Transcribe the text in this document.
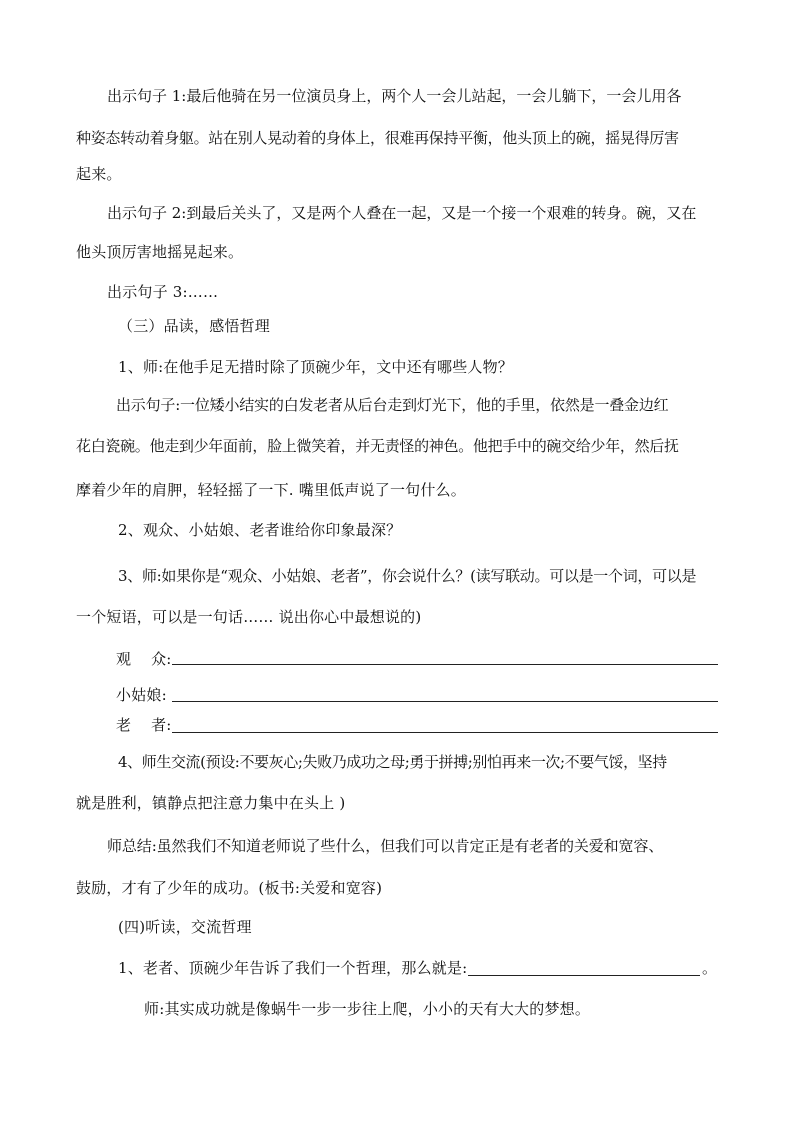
出示句子 1:最后他骑在另一位演员身上，两个人一会儿站起，一会儿躺下，一会儿用各
种姿态转动着身躯。站在别人晃动着的身体上，很难再保持平衡，他头顶上的碗，摇晃得厉害
起来。
出示句子 2:到最后关头了，又是两个人叠在一起，又是一个接一个艰难的转身。碗，又在
他头顶厉害地摇晃起来。
出示句子 3:……
（三）品读，感悟哲理
1、师:在他手足无措时除了顶碗少年，文中还有哪些人物？
出示句子:一位矮小结实的白发老者从后台走到灯光下，他的手里，依然是一叠金边红
花白瓷碗。他走到少年面前，脸上微笑着，并无责怪的神色。他把手中的碗交给少年，然后抚
摩着少年的肩胛，轻轻摇了一下. 嘴里低声说了一句什么。
2、观众、小姑娘、老者谁给你印象最深？
3、师:如果你是“观众、小姑娘、老者”，你会说什么？(读写联动。可以是一个词，可以是
一个短语，可以是一句话…… 说出你心中最想说的)
观    众:
小姑娘:
老    者:
4、师生交流(预设:不要灰心;失败乃成功之母;勇于拼搏;别怕再来一次;不要气馁，坚持
就是胜利，镇静点把注意力集中在头上 )
师总结:虽然我们不知道老师说了些什么，但我们可以肯定正是有老者的关爱和宽容、
鼓励，才有了少年的成功。(板书:关爱和宽容)
(四)听读，交流哲理
1、老者、顶碗少年告诉了我们一个哲理，那么就是:	。
师:其实成功就是像蜗牛一步一步往上爬，小小的天有大大的梦想。
